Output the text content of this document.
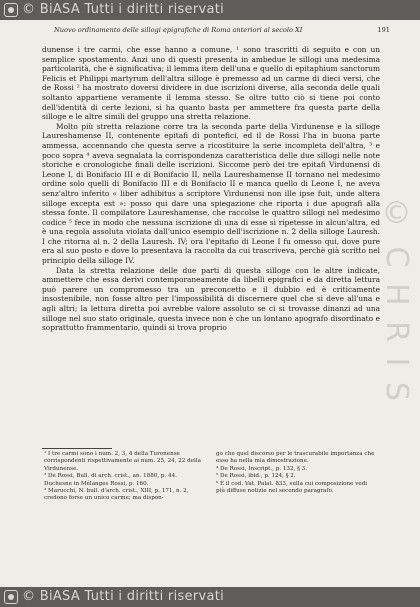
© BiASA Tutti i diritti riservati
© C H R I S
Nuovo ordinamento delle sillogi epigrafiche di Roma anteriori al secolo XI	191

dunense i tre carmi, che esse hanno a comune, ¹ sono trascritti di seguito e con un semplice spostamento. Anzi uno di questi presenta in ambedue le sillogi una medesima particolarità, che è significativa; il lemma item dell'una e quello di epitaphium sanctorum Felicis et Philippi martyrum dell'altra silloge è premesso ad un carme di dieci versi, che de Rossi ² ha mostrato doversi dividere in due iscrizioni diverse, alla seconda delle quali soltanto appartiene veramente il lemma stesso. Se oltre tutto ciò si tiene poi conto dell'identità di certe lezioni, si ha quanto basta per ammettere fra questa parte della silloge e le altre simili del gruppo una stretta relazione.

Molto più stretta relazione corre tra la seconda parte della Virdunense e la silloge Laureshamense II, contenente epitafi di pontefici, ed il de Rossi l'ha in buona parte ammessa, accennando che questa serve a ricostituire la serie incompleta dell'altra, ³ e poco sopra ⁴ aveva segnalata la corrispondenza caratteristica delle due sillogi nelle note storiche e cronologiche finali delle iscrizioni. Siccome però dei tre epitafi Virdunensi di Leone I, di Bonifacio III e di Bonifacio II, nella Laureshamense II tornano nel medesimo ordine solo quelli di Bonifacio III e di Bonifacio II e manca quello di Leone I, ne aveva senz'altro inferito « liber adhibitus a scriptore Virdunensi non ille ipse fuit, unde altera silloge excepta est »: posso qui dare una spiegazione che riporta i due apografi alla stessa fonte. Il compilatore Laureshamense, che raccolse le quattro sillogi nel medesimo codice ⁵ fece in modo che nessuna iscrizione di una di esse si ripetesse in alcun'altra, ed è una regola assoluta violata dall'unico esempio dell'iscrizione n. 2 della silloge Lauresh. I che ritorna al n. 2 della Lauresh. IV; ora l'epitafio di Leone I fu omesso qui, dove pure era al suo posto e dove lo presentava la raccolta da cui trascriveva, perchè già scritto nel principio della silloge IV.

Data la stretta relazione delle due parti di questa silloge con le altre indicate, ammettere che essa derivi contemporaneamente da libelli epigrafici e da diretta lettura può parere un compromesso tra un preconcetto e il dubbio ed è criticamente insostenibile, non fosse altro per l'impossibilità di discernere quel che si deve all'una e agli altri; la lettura diretta poi avrebbe valore assoluto se ci si trovasse dinanzi ad una silloge nel suo stato originale, questa invece non è che un lontano apografo disordinato e soprattutto frammentario, quindi si trova proprio

¹ I tre carmi sono i num. 2, 3, 4 della Turonense corrispondenti rispettivamente ai num. 25, 24, 22 della Virdunense.

² De Rossi, Bull. di arch. crist., an. 1880, p. 44. Duchesne in Mélanges Rossi, p. 160.

³ Marucchi, N. bull. d'arch. crist., XIII, p. 171, n. 2, credono forse un unico carme; ma dispon-

go che quel discorso per le trascurabile importanza che esso ha nella mia dimostrazione.

⁴ De Rossi, Inscript., p. 132, § 3.

⁵ De Rossi, ibid., p. 124, § 2.

⁶ È il cod. Vat. Palat. 833, sulla cui composizione vedi più diffuse notizie nel secondo paragrafo.

© BiASA Tutti i diritti riservati
